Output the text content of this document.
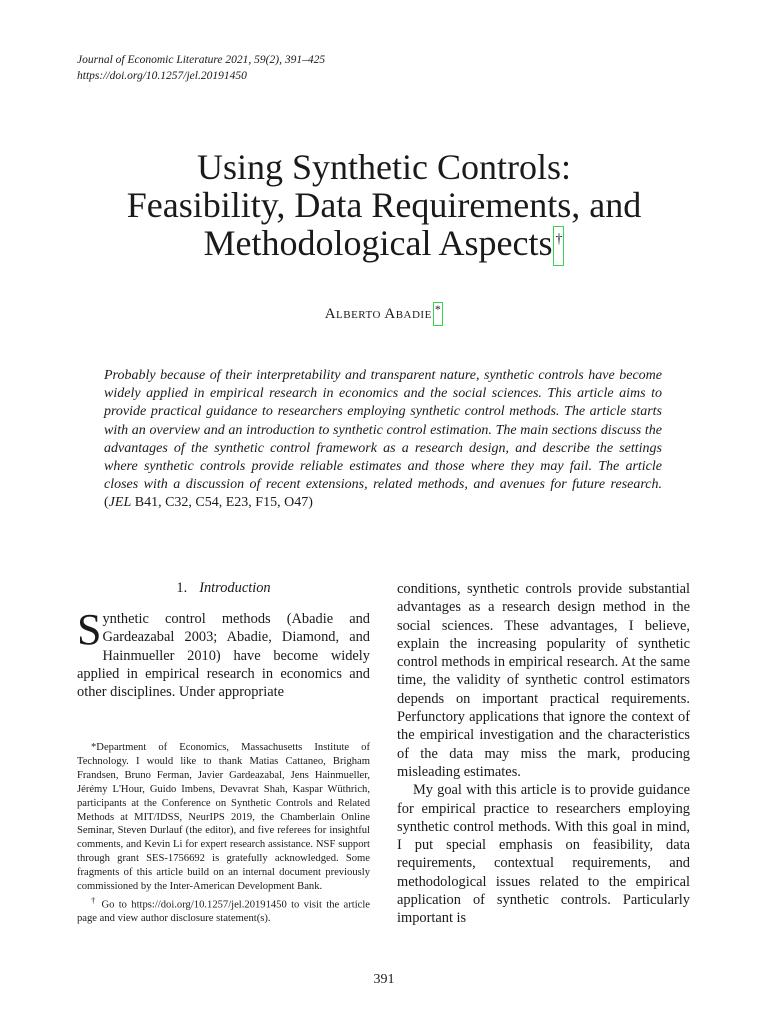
Journal of Economic Literature 2021, 59(2), 391–425
https://doi.org/10.1257/jel.20191450
Using Synthetic Controls:
Feasibility, Data Requirements, and
Methodological Aspects †
Alberto Abadie *
Probably because of their interpretability and transparent nature, synthetic controls have become widely applied in empirical research in economics and the social sciences. This article aims to provide practical guidance to researchers employing synthetic control methods. The article starts with an overview and an introduction to synthetic control estimation. The main sections discuss the advantages of the synthetic control framework as a research design, and describe the settings where synthetic controls provide reliable estimates and those where they may fail. The article closes with a discussion of recent extensions, related methods, and avenues for future research. (JEL B41, C32, C54, E23, F15, O47)
1. Introduction

Synthetic control methods (Abadie and Gardeazabal 2003; Abadie, Diamond, and Hainmueller 2010) have become widely applied in empirical research in economics and other disciplines. Under appropriate

conditions, synthetic controls provide substantial advantages as a research design method in the social sciences. These advantages, I believe, explain the increasing popularity of synthetic control methods in empirical research. At the same time, the validity of synthetic control estimators depends on important practical requirements. Perfunctory applications that ignore the context of the empirical investigation and the characteristics of the data may miss the mark, producing misleading estimates.

My goal with this article is to provide guidance for empirical practice to researchers employing synthetic control methods. With this goal in mind, I put special emphasis on feasibility, data requirements, contextual requirements, and methodological issues related to the empirical application of synthetic controls. Particularly important is

*Department of Economics, Massachusetts Institute of Technology. I would like to thank Matias Cattaneo, Brigham Frandsen, Bruno Ferman, Javier Gardeazabal, Jens Hainmueller, Jérémy L'Hour, Guido Imbens, Devavrat Shah, Kaspar Wüthrich, participants at the Conference on Synthetic Controls and Related Methods at MIT/IDSS, NeurIPS 2019, the Chamberlain Online Seminar, Steven Durlauf (the editor), and five referees for insightful comments, and Kevin Li for expert research assistance. NSF support through grant SES-1756692 is gratefully acknowledged. Some fragments of this article build on an internal document previously commissioned by the Inter-American Development Bank.

† Go to https://doi.org/10.1257/jel.20191450 to visit the article page and view author disclosure statement(s).

391
